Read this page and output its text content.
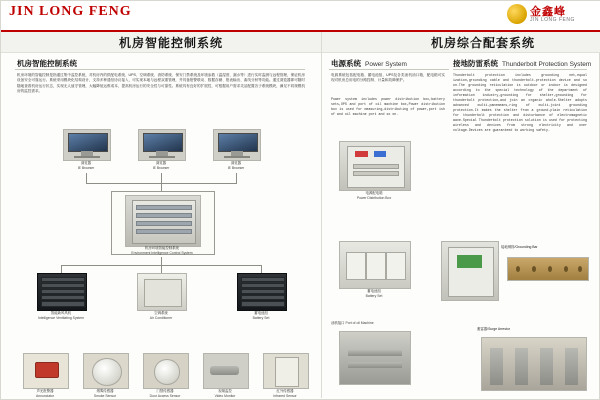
JIN LONG FENG	金鑫峰
JIN LONG FENG
机房智能控制系统	机房综合配套系统
机房智能控制系统
机房环境的智能控制是指通过集中监控系统，对机房内的供配电系统、UPS、空调系统、消防系统、保安门禁系统及环境参数（温湿度、漏水等）进行实时监测与远程管理，保证机房设备安全可靠运行。系统采用模块化结构设计，支持多种通信协议接入，可实现本地与远程双重管理，并具备报警联动、数据存储、报表输出、曲线分析等功能。通过浏览器即可随时随地查看机房运行状态，实现无人值守管理，大幅降低运维成本，提高机房运行的安全性与可靠性。系统具有良好的扩展性，可根据用户需求灵活配置各子系统模块，满足不同规模机房的监控需求。
浏览器
IE Browser
浏览器
IE Browser
浏览器
IE Browser
机房环境智能控制系统
Environment Intelligence Control System
智能新风风机
Intelligence Ventilating System
空调系统
Air Conditioner
蓄电池组
Battery Set
声光报警器
Annunciator
烟雾传感器
Smoke Sensor
门禁传感器
Door Access Sensor
视频监控
Video Monitor
红外传感器
Infrared Sensor
电源系统 Power System	接地防雷系统 Thunderbolt Protection System
电源系统包括配电箱、蓄电池组、UPS及各类油机油口箱，配电箱可实现对机房总用电的分路控制、计量和故障保护。
Power system includes power distribution box,battery sets,UPS and port of oil machine box,Power distribution box is used for measuring,distributing of power,port ish of and oil machine port and so on.
Thunderbolt protection includes grounding net,equal ization,grounding cable and thunderbolt-protection device and so on.The grounding reticulation is outdoor or indoor is designed according to the special technology of the department of information industry,grounding for shelter,grounding for thunderbolt protection,and join an organic whole.Shelter adopts advanced multi-panemeans,ring of multi-joint grounding protection.It makes the shelter from a ground-plain reticulation for thunderbolt protection and disturbance of electromagnetic wave.Special Thunderbolt protection solution is used for protecting wireless and devices from strong electricity and over voltage.Devices are guaranteed to working safety.
电源配电箱
Power Distribution Box
蓄电池组
Battery Set
接地铜排/Grounding Bar
油机接口 Port of oil Machine
避雷器/Surge Arrestor
